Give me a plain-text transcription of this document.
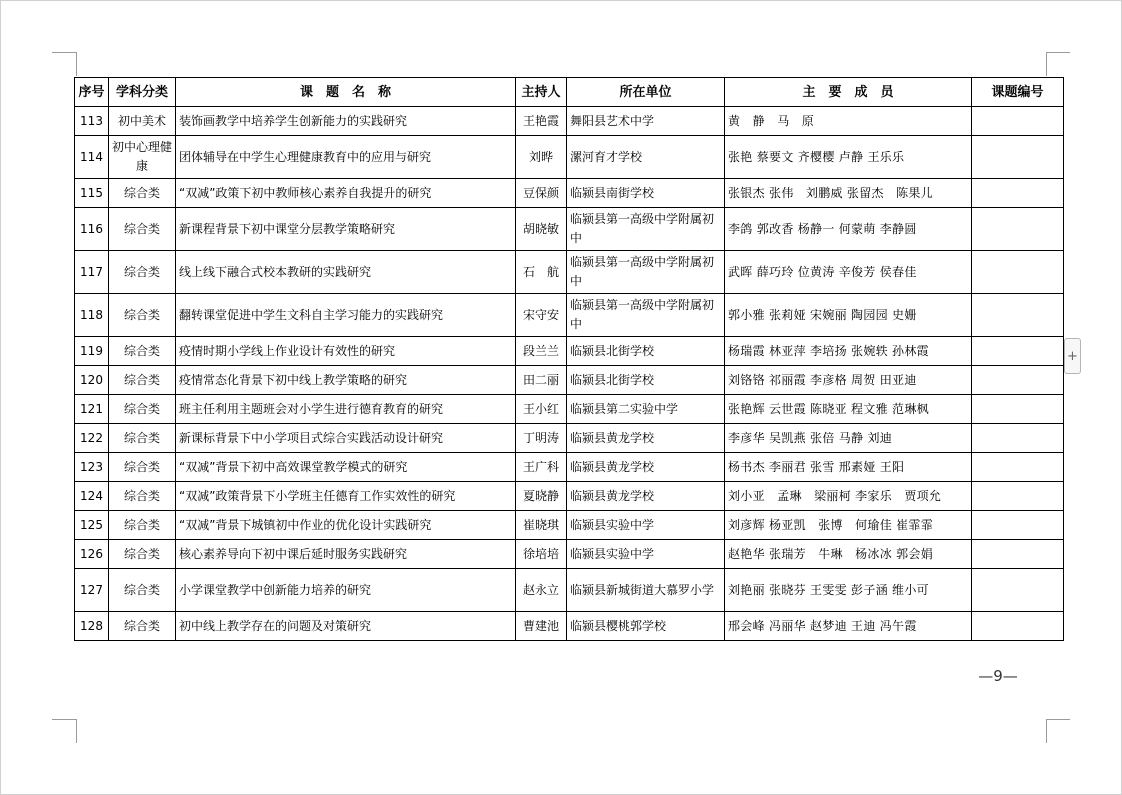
序号	学科分类	课　题　名　称	主持人	所在单位	主　要　成　员	课题编号
113	初中美术	装饰画教学中培养学生创新能力的实践研究	王艳霞	舞阳县艺术中学	黄　静　马　原	
114	初中心理健康	团体辅导在中学生心理健康教育中的应用与研究	刘晔	漯河育才学校	张艳 蔡要文 齐樱樱 卢静 王乐乐	
115	综合类	“双减”政策下初中教师核心素养自我提升的研究	豆保颜	临颍县南街学校	张银杰 张伟　刘鹏威 张留杰　陈果儿	
116	综合类	新课程背景下初中课堂分层教学策略研究	胡晓敏	临颍县第一高级中学附属初中	李鸽 郭改香 杨静一 何蒙萌 李静圆	
117	综合类	线上线下融合式校本教研的实践研究	石　航	临颍县第一高级中学附属初中	武晖 薛巧玲 位黄涛 辛俊芳 侯春佳	
118	综合类	翻转课堂促进中学生文科自主学习能力的实践研究	宋守安	临颍县第一高级中学附属初中	郭小雅 张莉娅 宋婉丽 陶园园 史姗	
119	综合类	疫情时期小学线上作业设计有效性的研究	段兰兰	临颍县北街学校	杨瑞霞 林亚萍 李培扬 张婉轶 孙林霞	
120	综合类	疫情常态化背景下初中线上教学策略的研究	田二丽	临颍县北街学校	刘铬铬 祁丽霞 李彦格 周贺 田亚迪	
121	综合类	班主任利用主题班会对小学生进行德育教育的研究	王小红	临颍县第二实验中学	张艳辉 云世霞 陈晓亚 程文雅 范琳枫	
122	综合类	新课标背景下中小学项目式综合实践活动设计研究	丁明涛	临颍县黄龙学校	李彦华 吴凯燕 张倍 马静 刘迪	
123	综合类	“双减”背景下初中高效课堂教学模式的研究	王广科	临颍县黄龙学校	杨书杰 李丽君 张雪 邢素娅 王阳	
124	综合类	“双减”政策背景下小学班主任德育工作实效性的研究	夏晓静	临颍县黄龙学校	刘小亚　孟琳　梁丽柯 李家乐　贾项允	
125	综合类	“双减”背景下城镇初中作业的优化设计实践研究	崔晓琪	临颍县实验中学	刘彦辉 杨亚凯　张博　何瑜佳 崔霏霏	
126	综合类	核心素养导向下初中课后延时服务实践研究	徐培培	临颍县实验中学	赵艳华 张瑞芳　牛琳　杨冰冰 郭会娟	
127	综合类	小学课堂教学中创新能力培养的研究	赵永立	临颍县新城街道大慕罗小学	刘艳丽 张晓芬 王雯雯 彭子涵 维小可	
128	综合类	初中线上教学存在的问题及对策研究	曹建池	临颍县樱桃郭学校	邢会峰 冯丽华 赵梦迪 王迪 冯午霞	
—9—
+
